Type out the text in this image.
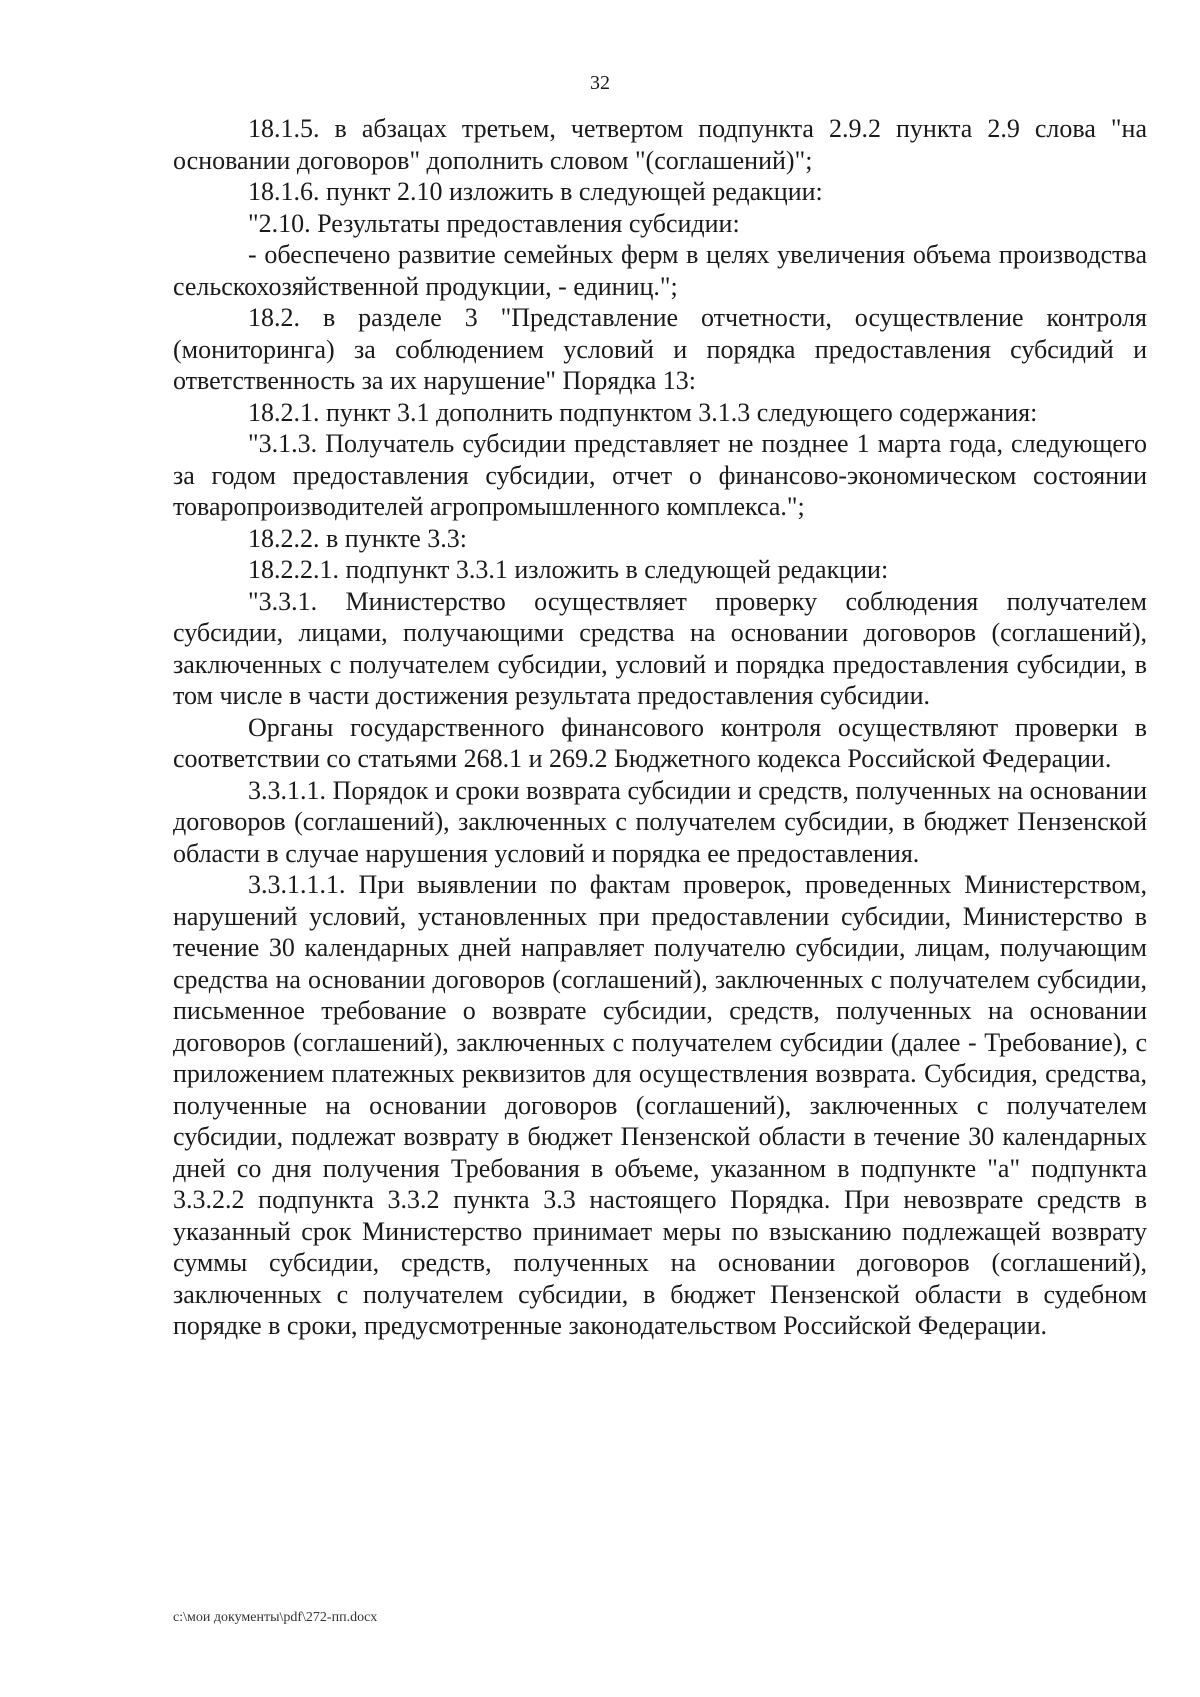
32

18.1.5. в абзацах третьем, четвертом подпункта 2.9.2 пункта 2.9 слова "на основании договоров" дополнить словом "(соглашений)";

18.1.6. пункт 2.10 изложить в следующей редакции:

"2.10. Результаты предоставления субсидии:

- обеспечено развитие семейных ферм в целях увеличения объема производства сельскохозяйственной продукции, - единиц.";

18.2. в разделе 3 "Представление отчетности, осуществление контроля (мониторинга) за соблюдением условий и порядка предоставления субсидий и ответственность за их нарушение" Порядка 13:

18.2.1. пункт 3.1 дополнить подпунктом 3.1.3 следующего содержания:

"3.1.3. Получатель субсидии представляет не позднее 1 марта года, следующего за годом предоставления субсидии, отчет о финансово-экономическом состоянии товаропроизводителей агропромышленного комплекса.";

18.2.2. в пункте 3.3:

18.2.2.1. подпункт 3.3.1 изложить в следующей редакции:

"3.3.1. Министерство осуществляет проверку соблюдения получателем субсидии, лицами, получающими средства на основании договоров (соглашений), заключенных с получателем субсидии, условий и порядка предоставления субсидии, в том числе в части достижения результата предоставления субсидии.

Органы государственного финансового контроля осуществляют проверки в соответствии со статьями 268.1 и 269.2 Бюджетного кодекса Российской Федерации.

3.3.1.1. Порядок и сроки возврата субсидии и средств, полученных на основании договоров (соглашений), заключенных с получателем субсидии, в бюджет Пензенской области в случае нарушения условий и порядка ее предоставления.

3.3.1.1.1. При выявлении по фактам проверок, проведенных Министерством, нарушений условий, установленных при предоставлении субсидии, Министерство в течение 30 календарных дней направляет получателю субсидии, лицам, получающим средства на основании договоров (соглашений), заключенных с получателем субсидии, письменное требование о возврате субсидии, средств, полученных на основании договоров (соглашений), заключенных с получателем субсидии (далее - Требование), с приложением платежных реквизитов для осуществления возврата. Субсидия, средства, полученные на основании договоров (соглашений), заключенных с получателем субсидии, подлежат возврату в бюджет Пензенской области в течение 30 календарных дней со дня получения Требования в объеме, указанном в подпункте "а" подпункта 3.3.2.2 подпункта 3.3.2 пункта 3.3 настоящего Порядка. При невозврате средств в указанный срок Министерство принимает меры по взысканию подлежащей возврату суммы субсидии, средств, полученных на основании договоров (соглашений), заключенных с получателем субсидии, в бюджет Пензенской области в судебном порядке в сроки, предусмотренные законодательством Российской Федерации.

c:\мои документы\pdf\272-пп.docx
